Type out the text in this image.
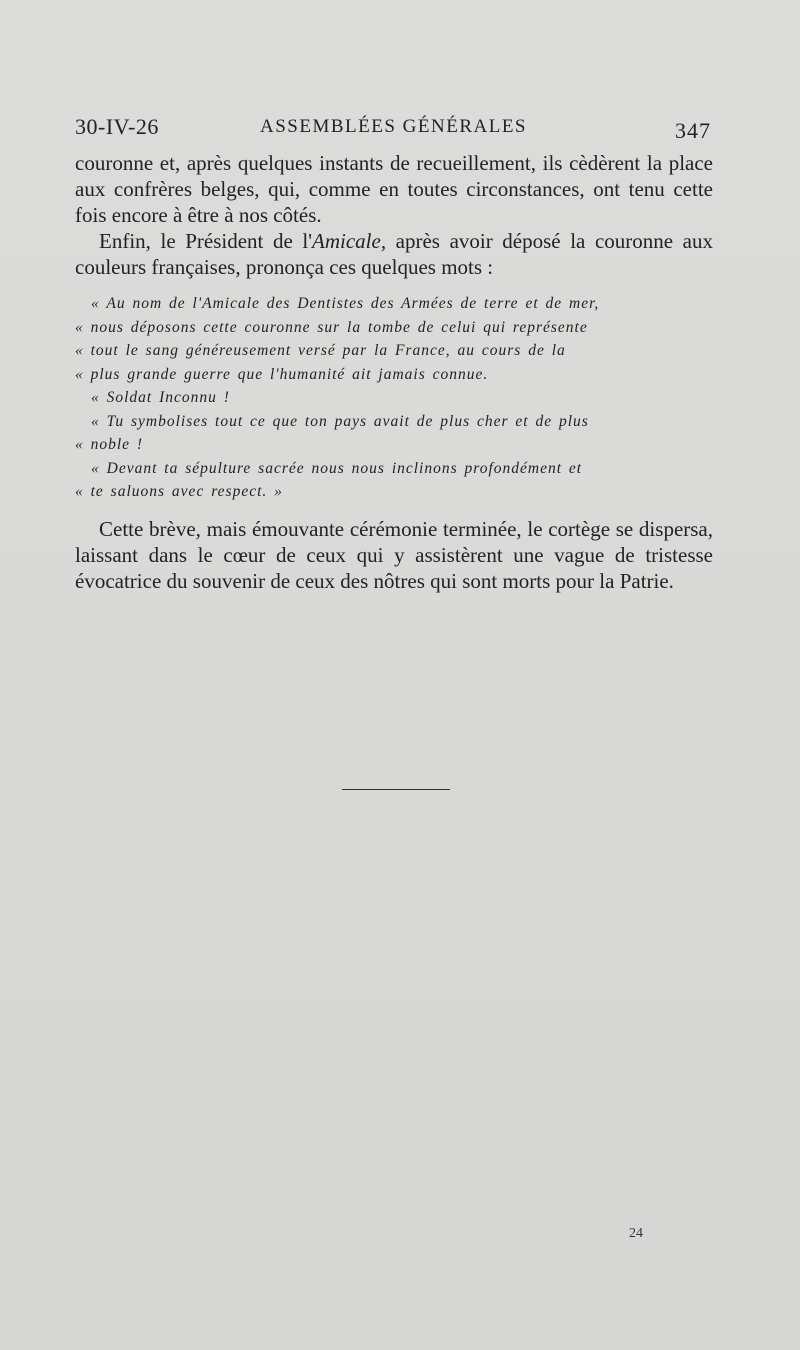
30-IV-26	ASSEMBLÉES GÉNÉRALES	347

couronne et, après quelques instants de recueillement, ils cèdèrent la place aux confrères belges, qui, comme en toutes circonstances, ont tenu cette fois encore à être à nos côtés.

Enfin, le Président de l'Amicale, après avoir déposé la couronne aux couleurs françaises, prononça ces quelques mots :

« Au nom de l'Amicale des Dentistes des Armées de terre et de mer,
« nous déposons cette couronne sur la tombe de celui qui représente
« tout le sang généreusement versé par la France, au cours de la
« plus grande guerre que l'humanité ait jamais connue.
« Soldat Inconnu !
« Tu symbolises tout ce que ton pays avait de plus cher et de plus
« noble !
« Devant ta sépulture sacrée nous nous inclinons profondément et
« te saluons avec respect. »

Cette brève, mais émouvante cérémonie terminée, le cortège se dispersa, laissant dans le cœur de ceux qui y assistèrent une vague de tristesse évocatrice du souvenir de ceux des nôtres qui sont morts pour la Patrie.

24
